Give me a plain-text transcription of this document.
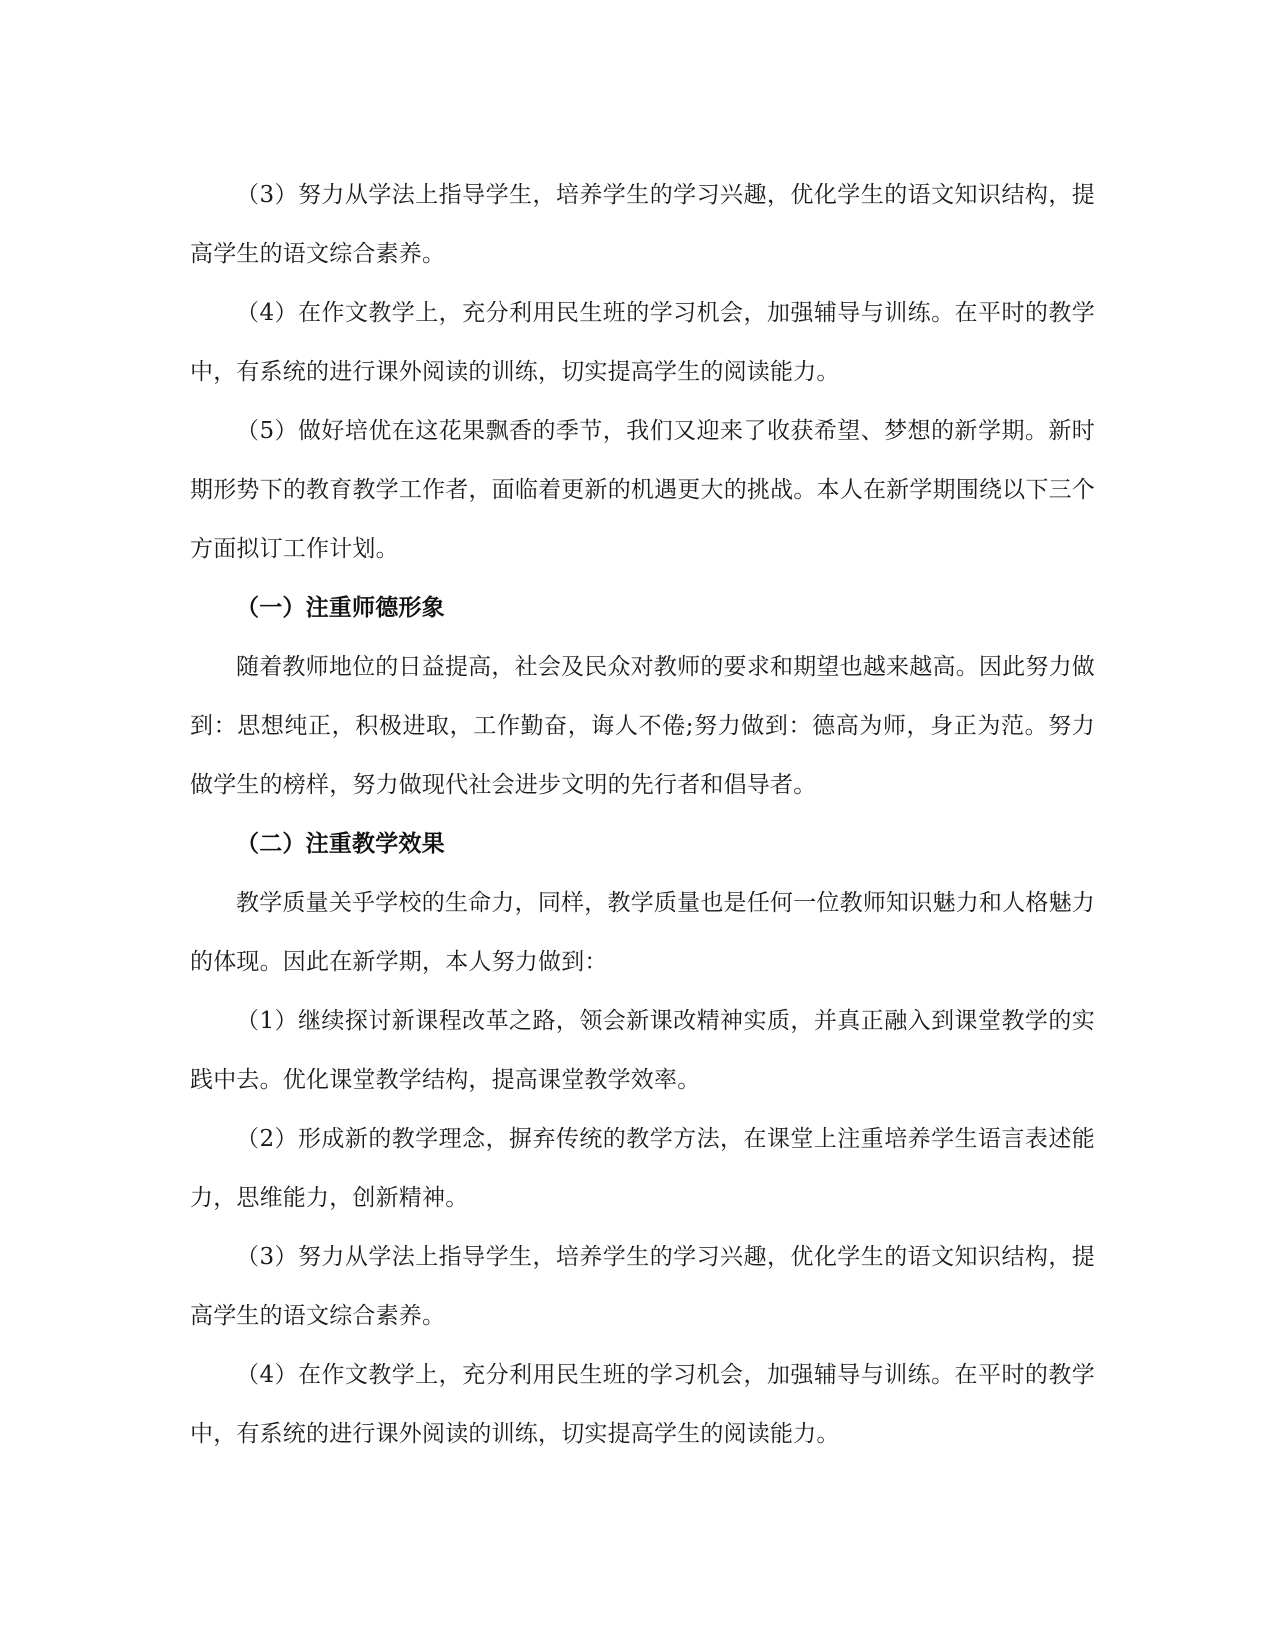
（3）努力从学法上指导学生，培养学生的学习兴趣，优化学生的语文知识结构，提高学生的语文综合素养。

（4）在作文教学上，充分利用民生班的学习机会，加强辅导与训练。在平时的教学中，有系统的进行课外阅读的训练，切实提高学生的阅读能力。

（5）做好培优在这花果飘香的季节，我们又迎来了收获希望、梦想的新学期。新时期形势下的教育教学工作者，面临着更新的机遇更大的挑战。本人在新学期围绕以下三个方面拟订工作计划。

（一）注重师德形象

随着教师地位的日益提高，社会及民众对教师的要求和期望也越来越高。因此努力做到：思想纯正，积极进取，工作勤奋，诲人不倦;努力做到：德高为师，身正为范。努力做学生的榜样，努力做现代社会进步文明的先行者和倡导者。

（二）注重教学效果

教学质量关乎学校的生命力，同样，教学质量也是任何一位教师知识魅力和人格魅力的体现。因此在新学期，本人努力做到：

（1）继续探讨新课程改革之路，领会新课改精神实质，并真正融入到课堂教学的实践中去。优化课堂教学结构，提高课堂教学效率。

（2）形成新的教学理念，摒弃传统的教学方法，在课堂上注重培养学生语言表述能力，思维能力，创新精神。

（3）努力从学法上指导学生，培养学生的学习兴趣，优化学生的语文知识结构，提高学生的语文综合素养。

（4）在作文教学上，充分利用民生班的学习机会，加强辅导与训练。在平时的教学中，有系统的进行课外阅读的训练，切实提高学生的阅读能力。
